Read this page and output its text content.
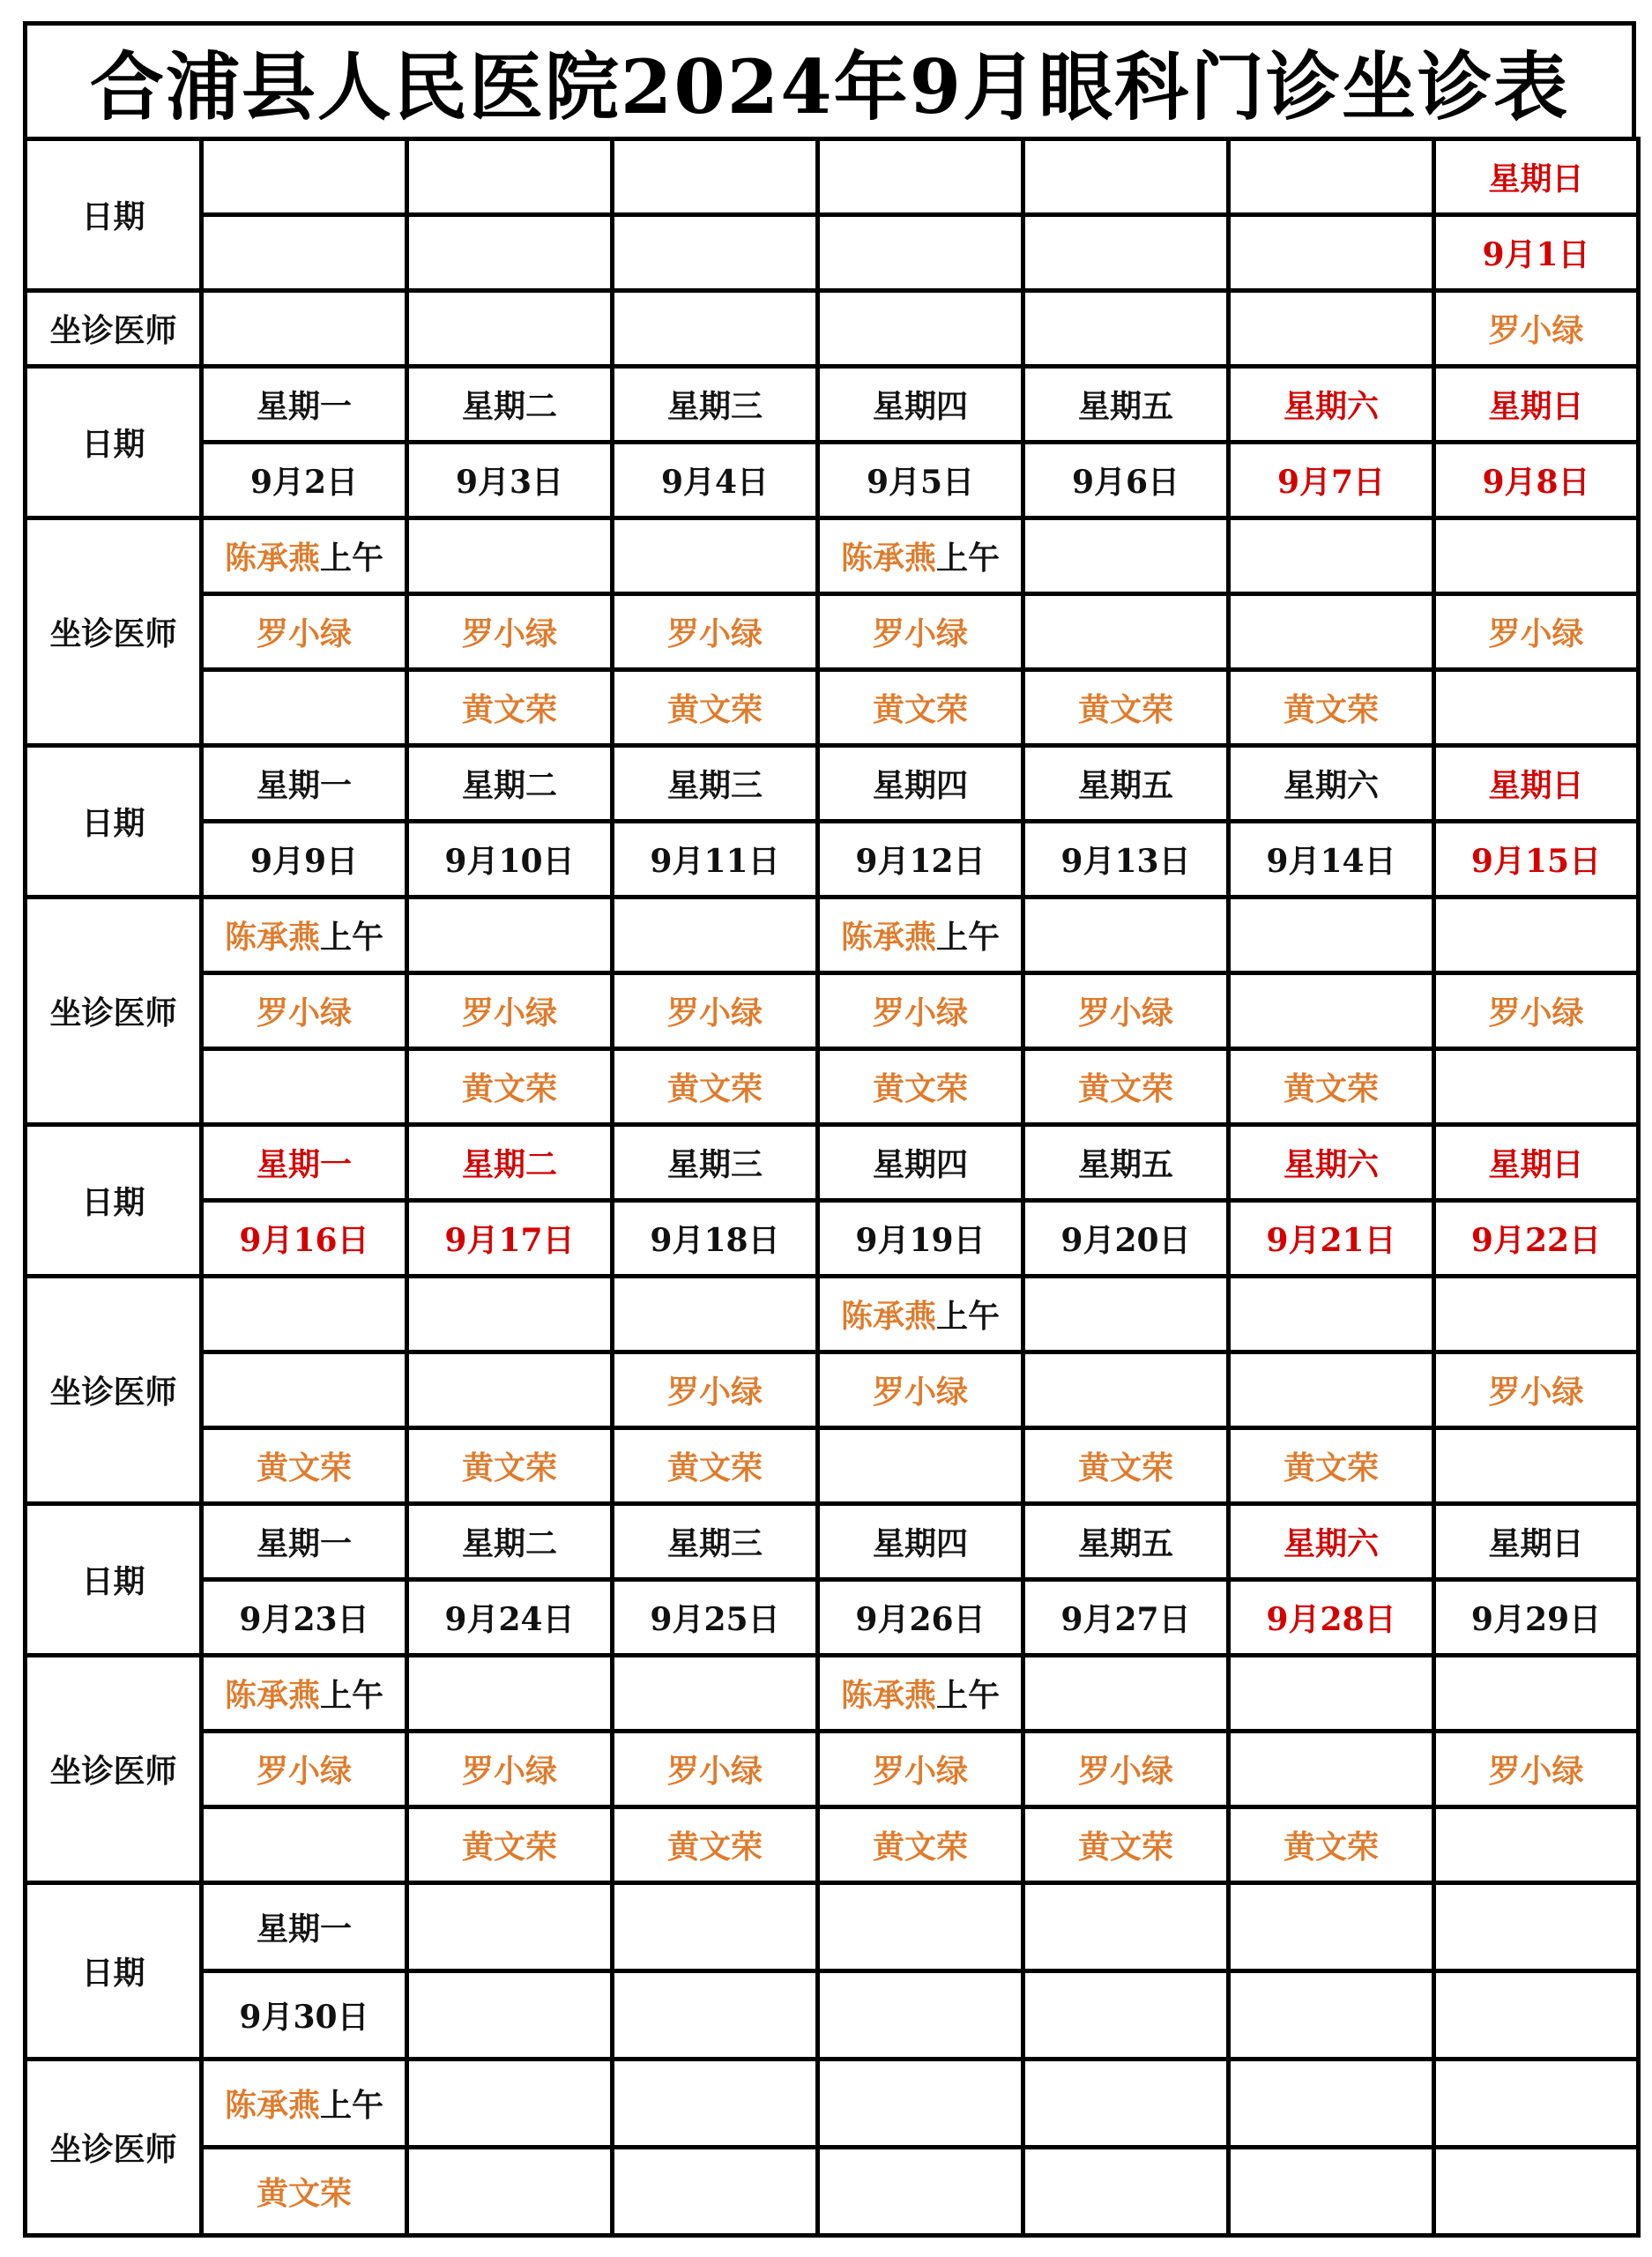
合浦县人民医院2024年9月眼科门诊坐诊表
日期							星期日
							9月1日
坐诊医师							罗小绿
日期	星期一	星期二	星期三	星期四	星期五	星期六	星期日
	9月2日	9月3日	9月4日	9月5日	9月6日	9月7日	9月8日
坐诊医师	陈承燕上午			陈承燕上午			
	罗小绿	罗小绿	罗小绿	罗小绿			罗小绿
		黄文荣	黄文荣	黄文荣	黄文荣	黄文荣	
日期	星期一	星期二	星期三	星期四	星期五	星期六	星期日
	9月9日	9月10日	9月11日	9月12日	9月13日	9月14日	9月15日
坐诊医师	陈承燕上午			陈承燕上午			
	罗小绿	罗小绿	罗小绿	罗小绿	罗小绿		罗小绿
		黄文荣	黄文荣	黄文荣	黄文荣	黄文荣	
日期	星期一	星期二	星期三	星期四	星期五	星期六	星期日
	9月16日	9月17日	9月18日	9月19日	9月20日	9月21日	9月22日
坐诊医师				陈承燕上午			
			罗小绿	罗小绿			罗小绿
	黄文荣	黄文荣	黄文荣		黄文荣	黄文荣	
日期	星期一	星期二	星期三	星期四	星期五	星期六	星期日
	9月23日	9月24日	9月25日	9月26日	9月27日	9月28日	9月29日
坐诊医师	陈承燕上午			陈承燕上午			
	罗小绿	罗小绿	罗小绿	罗小绿	罗小绿		罗小绿
		黄文荣	黄文荣	黄文荣	黄文荣	黄文荣	
日期	星期一						
	9月30日						
坐诊医师	陈承燕上午						
	黄文荣						
